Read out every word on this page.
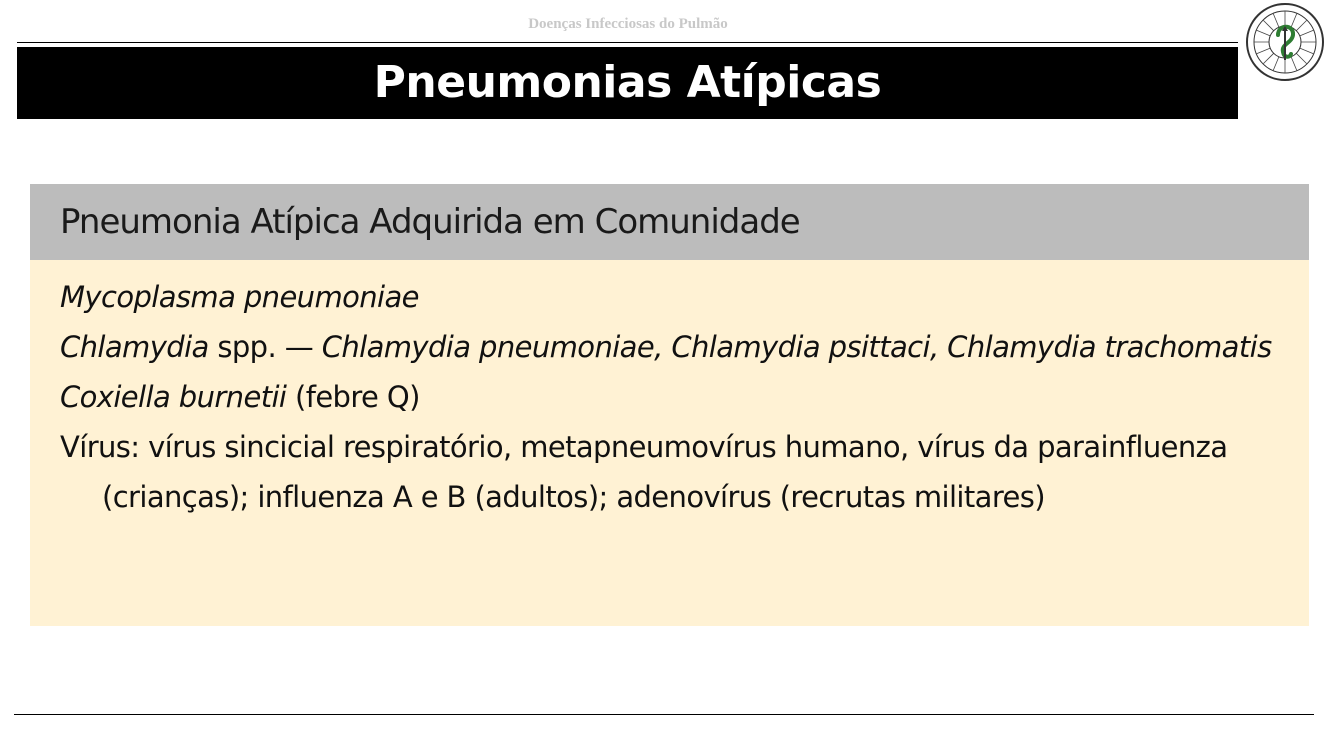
Doenças Infecciosas do Pulmão
Pneumonias Atípicas
Pneumonia Atípica Adquirida em Comunidade
Mycoplasma pneumoniae
Chlamydia spp. — Chlamydia pneumoniae, Chlamydia psittaci, Chlamydia trachomatis
Coxiella burnetii (febre Q)
Vírus: vírus sincicial respiratório, metapneumovírus humano, vírus da parainfluenza (crianças); influenza A e B (adultos); adenovírus (recrutas militares)
